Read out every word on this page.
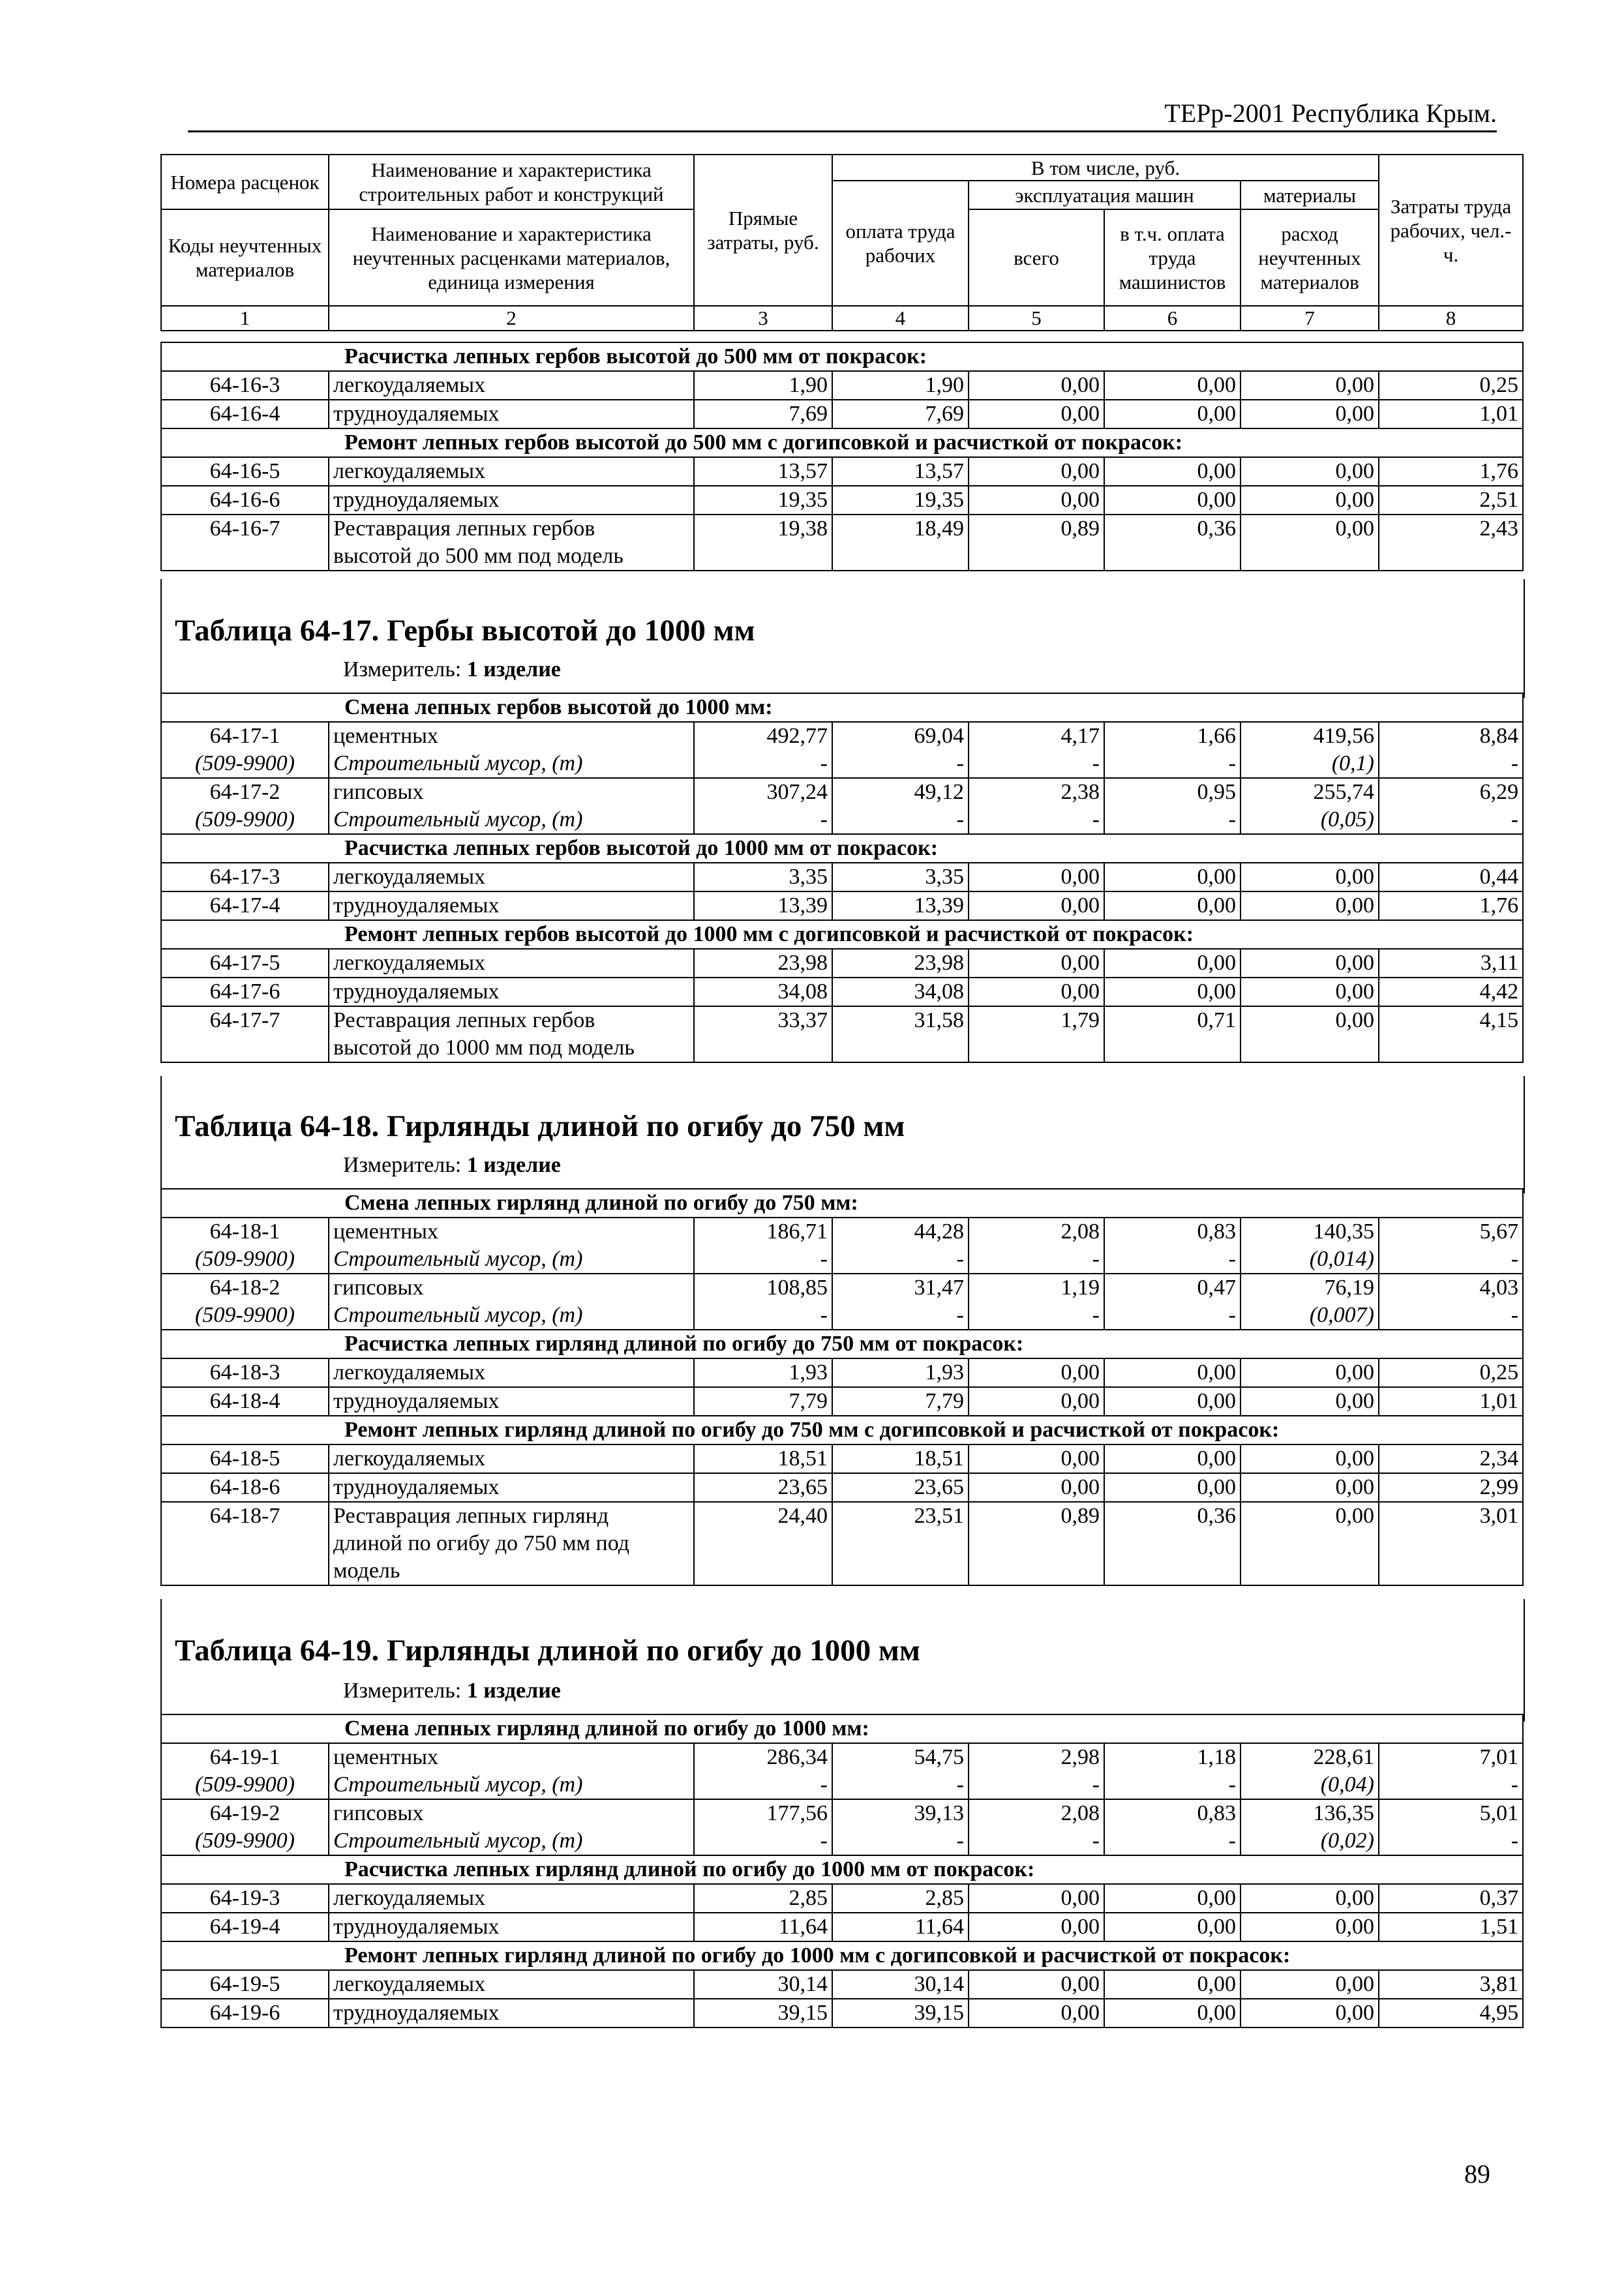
ТЕРр-2001 Республика Крым.
Номера расценок	Наименование и характеристика строительных работ и конструкций	Прямые затраты, руб.	В том числе, руб.				Затраты труда рабочих, чел.-ч.
			оплата труда рабочих	эксплуатация машин		материалы	
Коды неучтенных материалов	Наименование и характеристика неучтенных расценками материалов, единица измерения			всего	в т.ч. оплата труда машинистов	расход неучтенных материалов	

1	2	3	4	5	6	7	8
Расчистка лепных гербов высотой до 500 мм от покрасок:							
64-16-3	легкоудаляемых	1,90	1,90	0,00	0,00	0,00	0,25
64-16-4	трудноудаляемых	7,69	7,69	0,00	0,00	0,00	1,01
Ремонт лепных гербов высотой до 500 мм с догипсовкой и расчисткой от покрасок:							
64-16-5	легкоудаляемых	13,57	13,57	0,00	0,00	0,00	1,76
64-16-6	трудноудаляемых	19,35	19,35	0,00	0,00	0,00	2,51
64-16-7	Реставрация лепных гербов	19,38	18,49	0,89	0,36	0,00	2,43
	высотой до 500 мм под модель						
Таблица 64-17. Гербы высотой до 1000 мм
Измеритель: 1 изделие
Смена лепных гербов высотой до 1000 мм:							
64-17-1	цементных	492,77	69,04	4,17	1,66	419,56	8,84
(509-9900)	Строительный мусор, (т)	-	-	-	-	(0,1)	-
64-17-2	гипсовых	307,24	49,12	2,38	0,95	255,74	6,29
(509-9900)	Строительный мусор, (т)	-	-	-	-	(0,05)	-
Расчистка лепных гербов высотой до 1000 мм от покрасок:							
64-17-3	легкоудаляемых	3,35	3,35	0,00	0,00	0,00	0,44
64-17-4	трудноудаляемых	13,39	13,39	0,00	0,00	0,00	1,76
Ремонт лепных гербов высотой до 1000 мм с догипсовкой и расчисткой от покрасок:							
64-17-5	легкоудаляемых	23,98	23,98	0,00	0,00	0,00	3,11
64-17-6	трудноудаляемых	34,08	34,08	0,00	0,00	0,00	4,42
64-17-7	Реставрация лепных гербов	33,37	31,58	1,79	0,71	0,00	4,15
	высотой до 1000 мм под модель						
Таблица 64-18. Гирлянды длиной по огибу до 750 мм
Измеритель: 1 изделие
Смена лепных гирлянд длиной по огибу до 750 мм:							
64-18-1	цементных	186,71	44,28	2,08	0,83	140,35	5,67
(509-9900)	Строительный мусор, (т)	-	-	-	-	(0,014)	-
64-18-2	гипсовых	108,85	31,47	1,19	0,47	76,19	4,03
(509-9900)	Строительный мусор, (т)	-	-	-	-	(0,007)	-
Расчистка лепных гирлянд длиной по огибу до 750 мм от покрасок:							
64-18-3	легкоудаляемых	1,93	1,93	0,00	0,00	0,00	0,25
64-18-4	трудноудаляемых	7,79	7,79	0,00	0,00	0,00	1,01
Ремонт лепных гирлянд длиной по огибу до 750 мм с догипсовкой и расчисткой от покрасок:							
64-18-5	легкоудаляемых	18,51	18,51	0,00	0,00	0,00	2,34
64-18-6	трудноудаляемых	23,65	23,65	0,00	0,00	0,00	2,99
64-18-7	Реставрация лепных гирлянд	24,40	23,51	0,89	0,36	0,00	3,01
	длиной по огибу до 750 мм под						
	модель						
Таблица 64-19. Гирлянды длиной по огибу до 1000 мм
Измеритель: 1 изделие
Смена лепных гирлянд длиной по огибу до 1000 мм:							
64-19-1	цементных	286,34	54,75	2,98	1,18	228,61	7,01
(509-9900)	Строительный мусор, (т)	-	-	-	-	(0,04)	-
64-19-2	гипсовых	177,56	39,13	2,08	0,83	136,35	5,01
(509-9900)	Строительный мусор, (т)	-	-	-	-	(0,02)	-
Расчистка лепных гирлянд длиной по огибу до 1000 мм от покрасок:							
64-19-3	легкоудаляемых	2,85	2,85	0,00	0,00	0,00	0,37
64-19-4	трудноудаляемых	11,64	11,64	0,00	0,00	0,00	1,51
Ремонт лепных гирлянд длиной по огибу до 1000 мм с догипсовкой и расчисткой от покрасок:							
64-19-5	легкоудаляемых	30,14	30,14	0,00	0,00	0,00	3,81
64-19-6	трудноудаляемых	39,15	39,15	0,00	0,00	0,00	4,95
89
